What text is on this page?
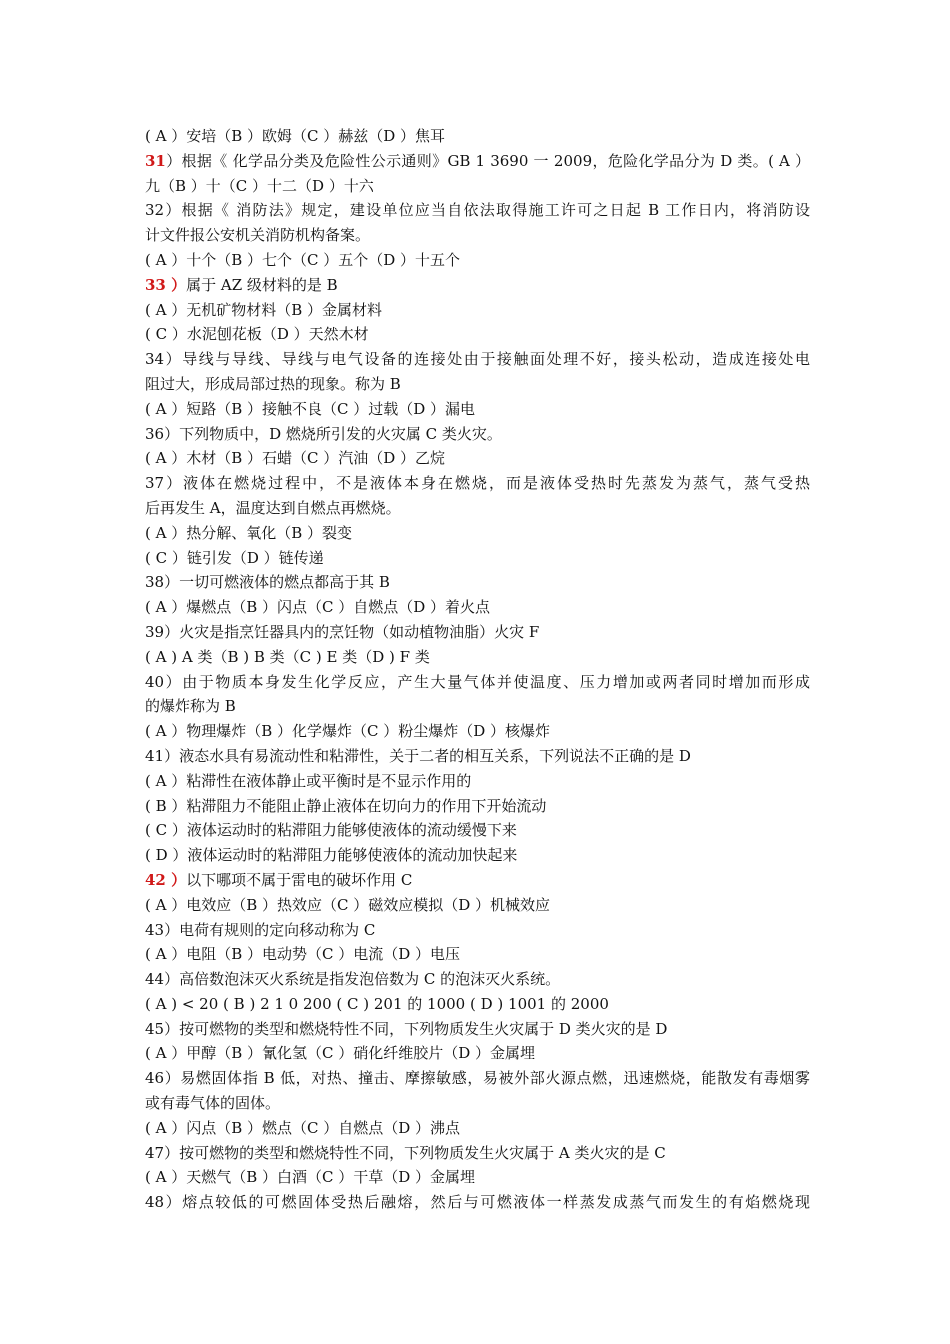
( A ）安培（B ）欧姆（C ）赫兹（D ）焦耳
31）根据《 化学品分类及危险性公示通则》GB 1 3690 一 2009，危险化学品分为 D 类。( A ）
九（B ）十（C ）十二（D ）十六
32）根据《 消防法》规定，建设单位应当自依法取得施工许可之日起 B 工作日内，将消防设
计文件报公安机关消防机构备案。
( A ）十个（B ）七个（C ）五个（D ）十五个
33 ）属于 AZ 级材料的是 B
( A ）无机矿物材料（B ）金属材料
( C ）水泥刨花板（D ）天然木材
34）导线与导线、导线与电气设备的连接处由于接触面处理不好，接头松动，造成连接处电
阻过大，形成局部过热的现象。称为 B
( A ）短路（B ）接触不良（C ）过载（D ）漏电
36）下列物质中，D 燃烧所引发的火灾属 C 类火灾。
( A ）木材（B ）石蜡（C ）汽油（D ）乙烷
37）液体在燃烧过程中，不是液体本身在燃烧，而是液体受热时先蒸发为蒸气，蒸气受热
后再发生 A，温度达到自燃点再燃烧。
( A ）热分解、氧化（B ）裂变
( C ）链引发（D ）链传递
38）一切可燃液体的燃点都高于其 B
( A ）爆燃点（B ）闪点（C ）自燃点（D ）着火点
39）火灾是指烹饪器具内的烹饪物（如动植物油脂）火灾 F
( A ) A 类（B ) B 类（C ) E 类（D ) F 类
40）由于物质本身发生化学反应，产生大量气体并使温度、压力增加或两者同时增加而形成
的爆炸称为 B
( A ）物理爆炸（B ）化学爆炸（C ）粉尘爆炸（D ）核爆炸
41）液态水具有易流动性和粘滞性，关于二者的相互关系，下列说法不正确的是 D
( A ）粘滞性在液体静止或平衡时是不显示作用的
( B ）粘滞阻力不能阻止静止液体在切向力的作用下开始流动
( C ）液体运动时的粘滞阻力能够使液体的流动缓慢下来
( D ）液体运动时的粘滞阻力能够使液体的流动加快起来
42 ）以下哪项不属于雷电的破坏作用 C
( A ）电效应（B ）热效应（C ）磁效应模拟（D ）机械效应
43）电荷有规则的定向移动称为 C
( A ）电阻（B ）电动势（C ）电流（D ）电压
44）高倍数泡沫灭火系统是指发泡倍数为 C 的泡沫灭火系统。
( A ) < 20 ( B ) 2 1 0 200 ( C ) 201 的 1000 ( D ) 1001 的 2000
45）按可燃物的类型和燃烧特性不同，下列物质发生火灾属于 D 类火灾的是 D
( A ）甲醇（B ）氰化氢（C ）硝化纤维胶片（D ）金属埋
46）易燃固体指 B 低，对热、撞击、摩擦敏感，易被外部火源点燃，迅速燃烧，能散发有毒烟雾
或有毒气体的固体。
( A ）闪点（B ）燃点（C ）自燃点（D ）沸点
47）按可燃物的类型和燃烧特性不同，下列物质发生火灾属于 A 类火灾的是 C
( A ）天燃气（B ）白酒（C ）干草（D ）金属埋
48）熔点较低的可燃固体受热后融熔，然后与可燃液体一样蒸发成蒸气而发生的有焰燃烧现
